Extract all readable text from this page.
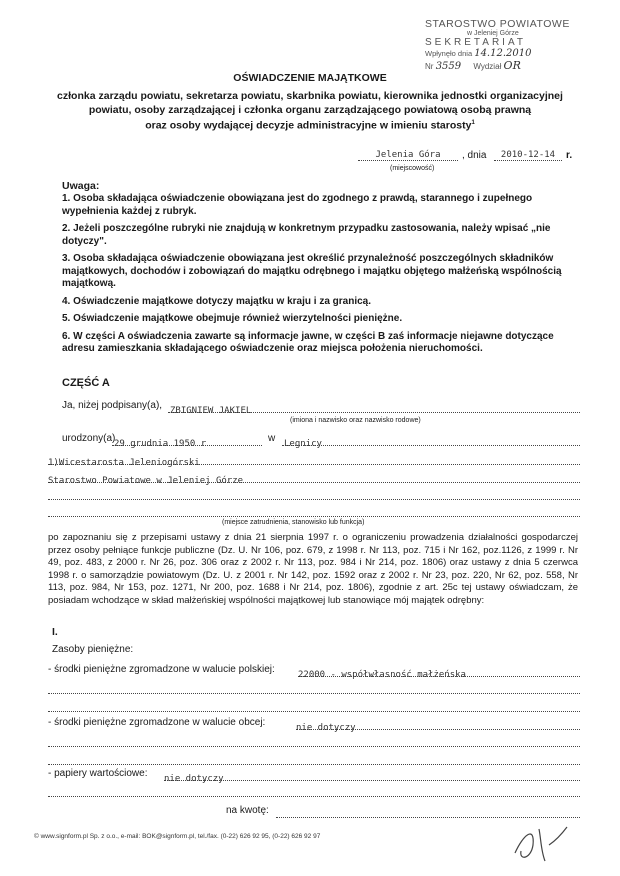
STAROSTWO POWIATOWE
w Jeleniej Górze
SEKRETARIAT
Wpłynęło dnia 14.12.2010
Nr 3559 Wydział OR
OŚWIADCZENIE MAJĄTKOWE
członka zarządu powiatu, sekretarza powiatu, skarbnika powiatu, kierownika jednostki organizacyjnej
powiatu, osoby zarządzającej i członka organu zarządzającego powiatową osobą prawną
oraz osoby wydającej decyzje administracyjne w imieniu starosty$^1$
Jelenia Góra	, dnia	2010-12-14	r.
(miejscowość)
Uwaga:
1. Osoba składająca oświadczenie obowiązana jest do zgodnego z prawdą, starannego i zupełnego wypełnienia każdej z rubryk.
2. Jeżeli poszczególne rubryki nie znajdują w konkretnym przypadku zastosowania, należy wpisać „nie dotyczy".
3. Osoba składająca oświadczenie obowiązana jest określić przynależność poszczególnych składników majątkowych, dochodów i zobowiązań do majątku odrębnego i majątku objętego małżeńską wspólnością majątkową.
4. Oświadczenie majątkowe dotyczy majątku w kraju i za granicą.
5. Oświadczenie majątkowe obejmuje również wierzytelności pieniężne.
6. W części A oświadczenia zawarte są informacje jawne, w części B zaś informacje niejawne dotyczące adresu zamieszkania składającego oświadczenie oraz miejsca położenia nieruchomości.
CZĘŚĆ A
Ja, niżej podpisany(a), ZBIGNIEW JAKIEL
(imiona i nazwisko oraz nazwisko rodowe)
urodzony(a)
29 grudnia 1950 r	w Legnicy
1)Wicestarosta Jeleniogórski
Starostwo Powiatowe w Jeleniej Górze
(miejsce zatrudnienia, stanowisko lub funkcja)
po zapoznaniu się z przepisami ustawy z dnia 21 sierpnia 1997 r. o ograniczeniu prowadzenia działalności gospodarczej przez osoby pełniące funkcje publiczne (Dz. U. Nr 106, poz. 679, z 1998 r. Nr 113, poz. 715 i Nr 162, poz.1126, z 1999 r. Nr 49, poz. 483, z 2000 r. Nr 26, poz. 306 oraz z 2002 r. Nr 113, poz. 984 i Nr 214, poz. 1806) oraz ustawy z dnia 5 czerwca 1998 r. o samorządzie powiatowym (Dz. U. z 2001 r. Nr 142, poz. 1592 oraz z 2002 r. Nr 23, poz. 220, Nr 62, poz. 558, Nr 113, poz. 984, Nr 153, poz. 1271, Nr 200, poz. 1688 i Nr 214, poz. 1806), zgodnie z art. 25c tej ustawy oświadczam, że posiadam wchodzące w skład małżeńskiej wspólności majątkowej lub stanowiące mój majątek odrębny:
I.
Zasoby pieniężne:
- środki pieniężne zgromadzone w walucie polskiej:	22000 - współwłasność małżeńska
- środki pieniężne zgromadzone w walucie obcej:	nie dotyczy
- papiery wartościowe: nie dotyczy
na kwotę:
© www.signform.pl Sp. z o.o., e-mail: BOK@signform.pl, tel./fax. (0-22) 626 92 95, (0-22) 626 92 97
